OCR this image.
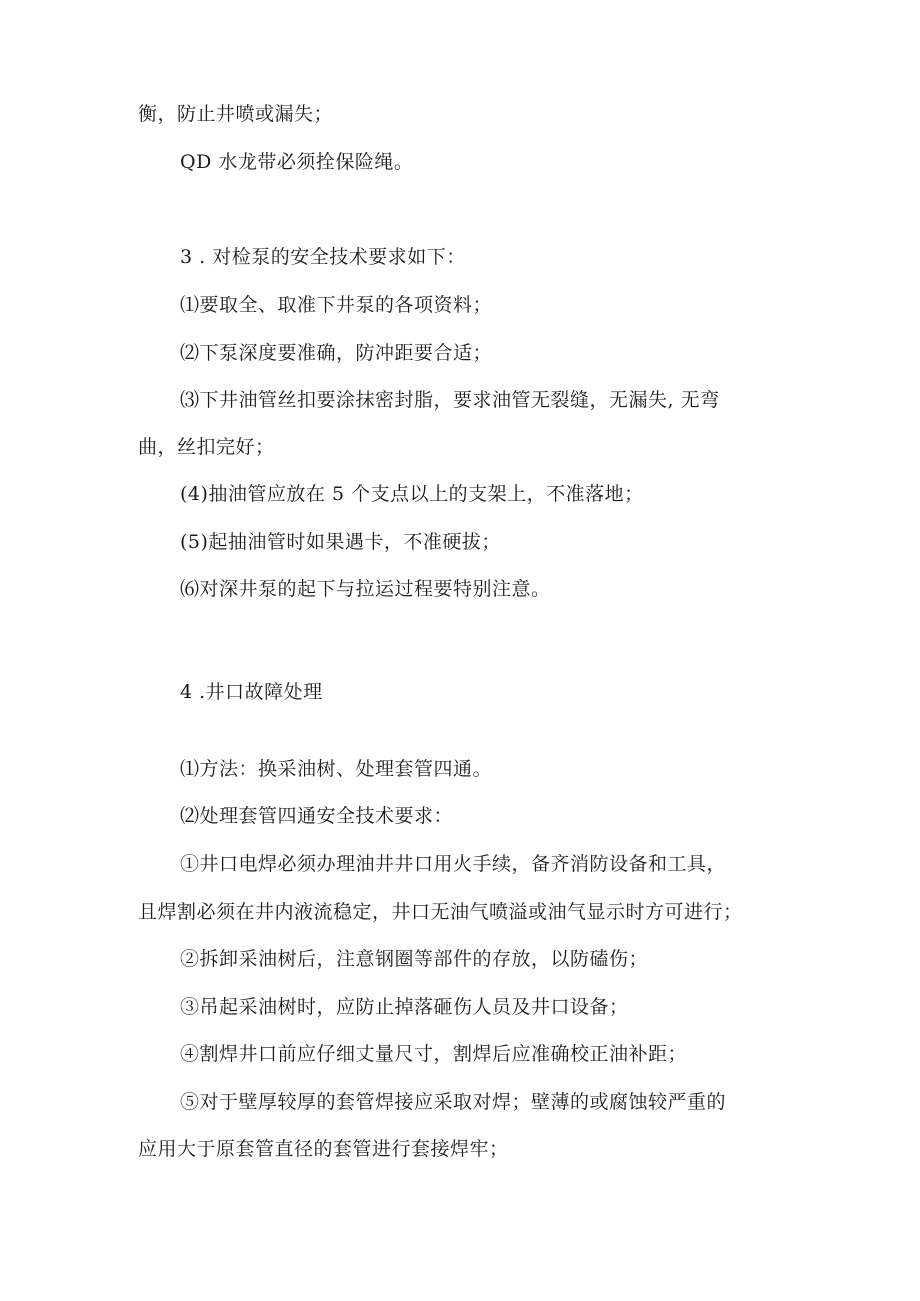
衡，防止井喷或漏失；
QD 水龙带必须拴保险绳。
3 . 对检泵的安全技术要求如下：
⑴要取全、取准下井泵的各项资料；
⑵下泵深度要准确，防冲距要合适；
⑶下井油管丝扣要涂抹密封脂，要求油管无裂缝，无漏失, 无弯
曲，丝扣完好；
(4)抽油管应放在 5 个支点以上的支架上，不准落地；
(5)起抽油管时如果遇卡，不准硬拔；
⑹对深井泵的起下与拉运过程要特别注意。
4 .井口故障处理
⑴方法：换采油树、处理套管四通。
⑵处理套管四通安全技术要求：
①井口电焊必须办理油井井口用火手续，备齐消防设备和工具，
且焊割必须在井内液流稳定，井口无油气喷溢或油气显示时方可进行；
②拆卸采油树后，注意钢圈等部件的存放，以防磕伤；
③吊起采油树时，应防止掉落砸伤人员及井口设备；
④割焊井口前应仔细丈量尺寸，割焊后应准确校正油补距；
⑤对于壁厚较厚的套管焊接应采取对焊；壁薄的或腐蚀较严重的
应用大于原套管直径的套管进行套接焊牢；
